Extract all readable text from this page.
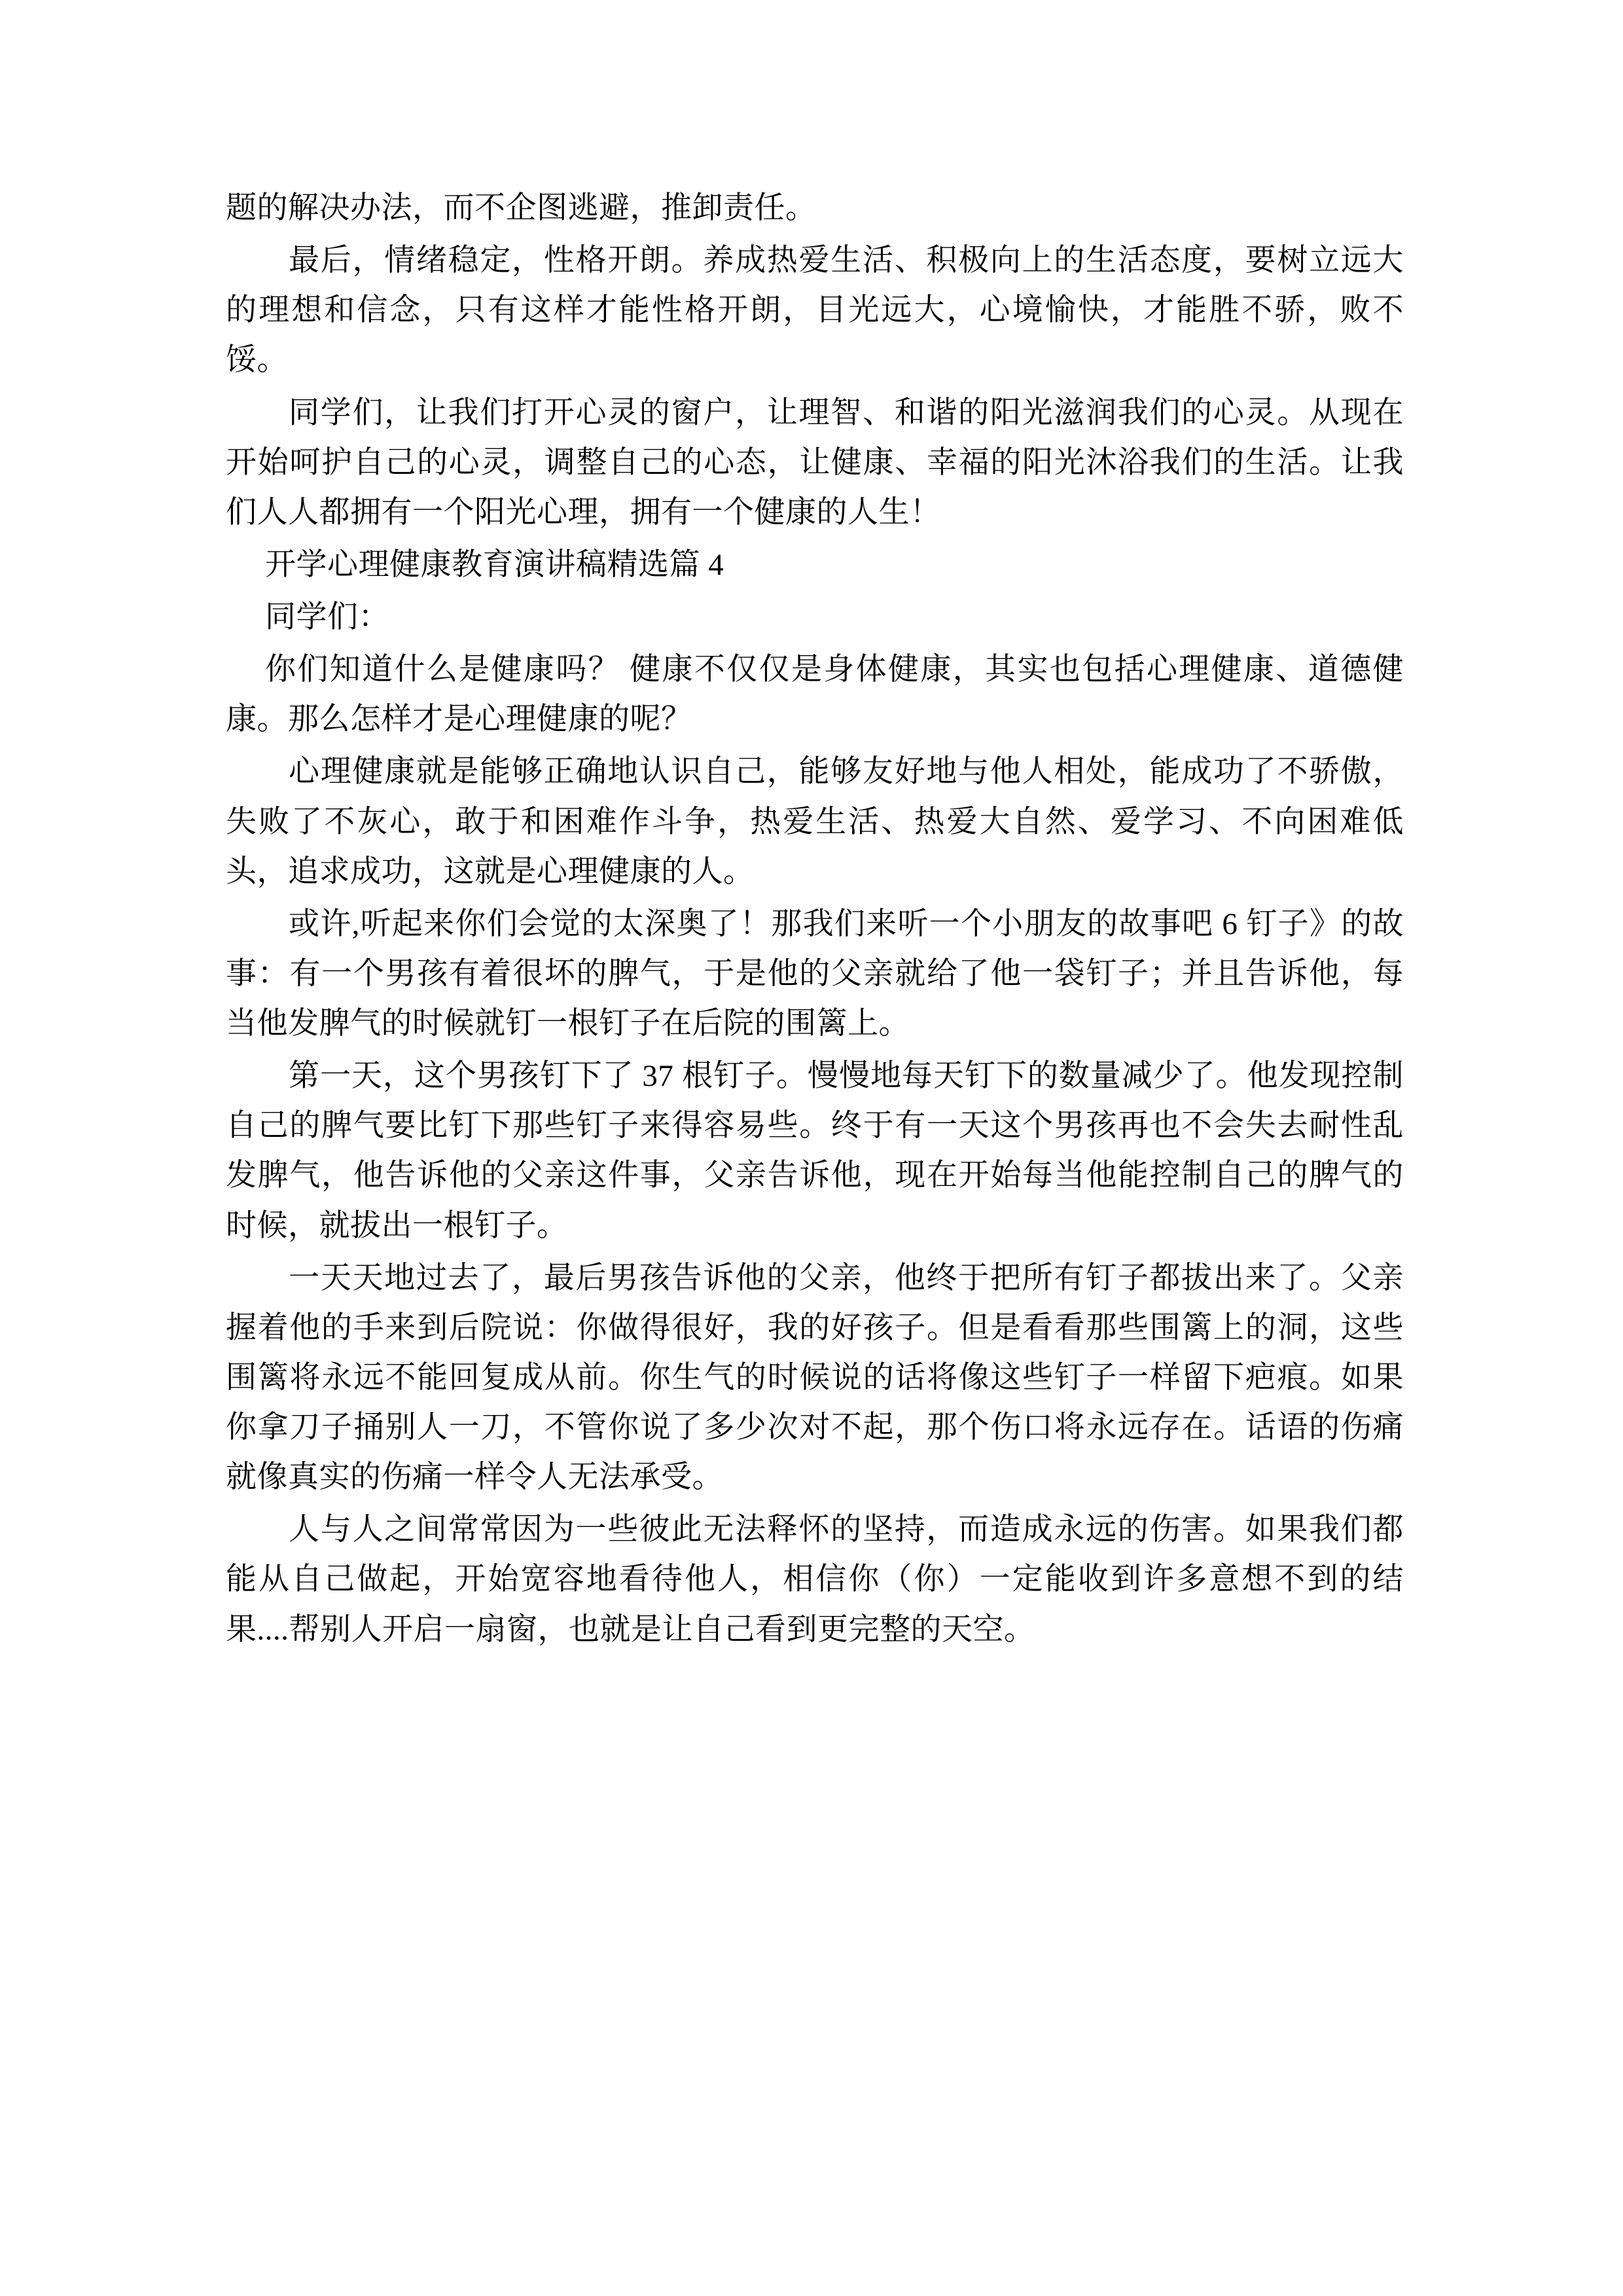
题的解决办法，而不企图逃避，推卸责任。

最后，情绪稳定，性格开朗。养成热爱生活、积极向上的生活态度，要树立远大的理想和信念，只有这样才能性格开朗，目光远大，心境愉快，才能胜不骄，败不馁。

同学们，让我们打开心灵的窗户，让理智、和谐的阳光滋润我们的心灵。从现在开始呵护自己的心灵，调整自己的心态，让健康、幸福的阳光沐浴我们的生活。让我们人人都拥有一个阳光心理，拥有一个健康的人生！

开学心理健康教育演讲稿精选篇 4

同学们：

你们知道什么是健康吗？ 健康不仅仅是身体健康，其实也包括心理健康、道德健康。那么怎样才是心理健康的呢？

心理健康就是能够正确地认识自己，能够友好地与他人相处，能成功了不骄傲，失败了不灰心，敢于和困难作斗争，热爱生活、热爱大自然、爱学习、不向困难低头，追求成功，这就是心理健康的人。

或许,听起来你们会觉的太深奥了！那我们来听一个小朋友的故事吧 6 钉子》的故事：有一个男孩有着很坏的脾气，于是他的父亲就给了他一袋钉子；并且告诉他，每当他发脾气的时候就钉一根钉子在后院的围篱上。

第一天，这个男孩钉下了 37 根钉子。慢慢地每天钉下的数量减少了。他发现控制自己的脾气要比钉下那些钉子来得容易些。终于有一天这个男孩再也不会失去耐性乱发脾气，他告诉他的父亲这件事，父亲告诉他，现在开始每当他能控制自己的脾气的时候，就拔出一根钉子。

一天天地过去了，最后男孩告诉他的父亲，他终于把所有钉子都拔出来了。父亲握着他的手来到后院说：你做得很好，我的好孩子。但是看看那些围篱上的洞，这些围篱将永远不能回复成从前。你生气的时候说的话将像这些钉子一样留下疤痕。如果你拿刀子捅别人一刀，不管你说了多少次对不起，那个伤口将永远存在。话语的伤痛就像真实的伤痛一样令人无法承受。

人与人之间常常因为一些彼此无法释怀的坚持，而造成永远的伤害。如果我们都能从自己做起，开始宽容地看待他人，相信你（你）一定能收到许多意想不到的结果....帮别人开启一扇窗，也就是让自己看到更完整的天空。
